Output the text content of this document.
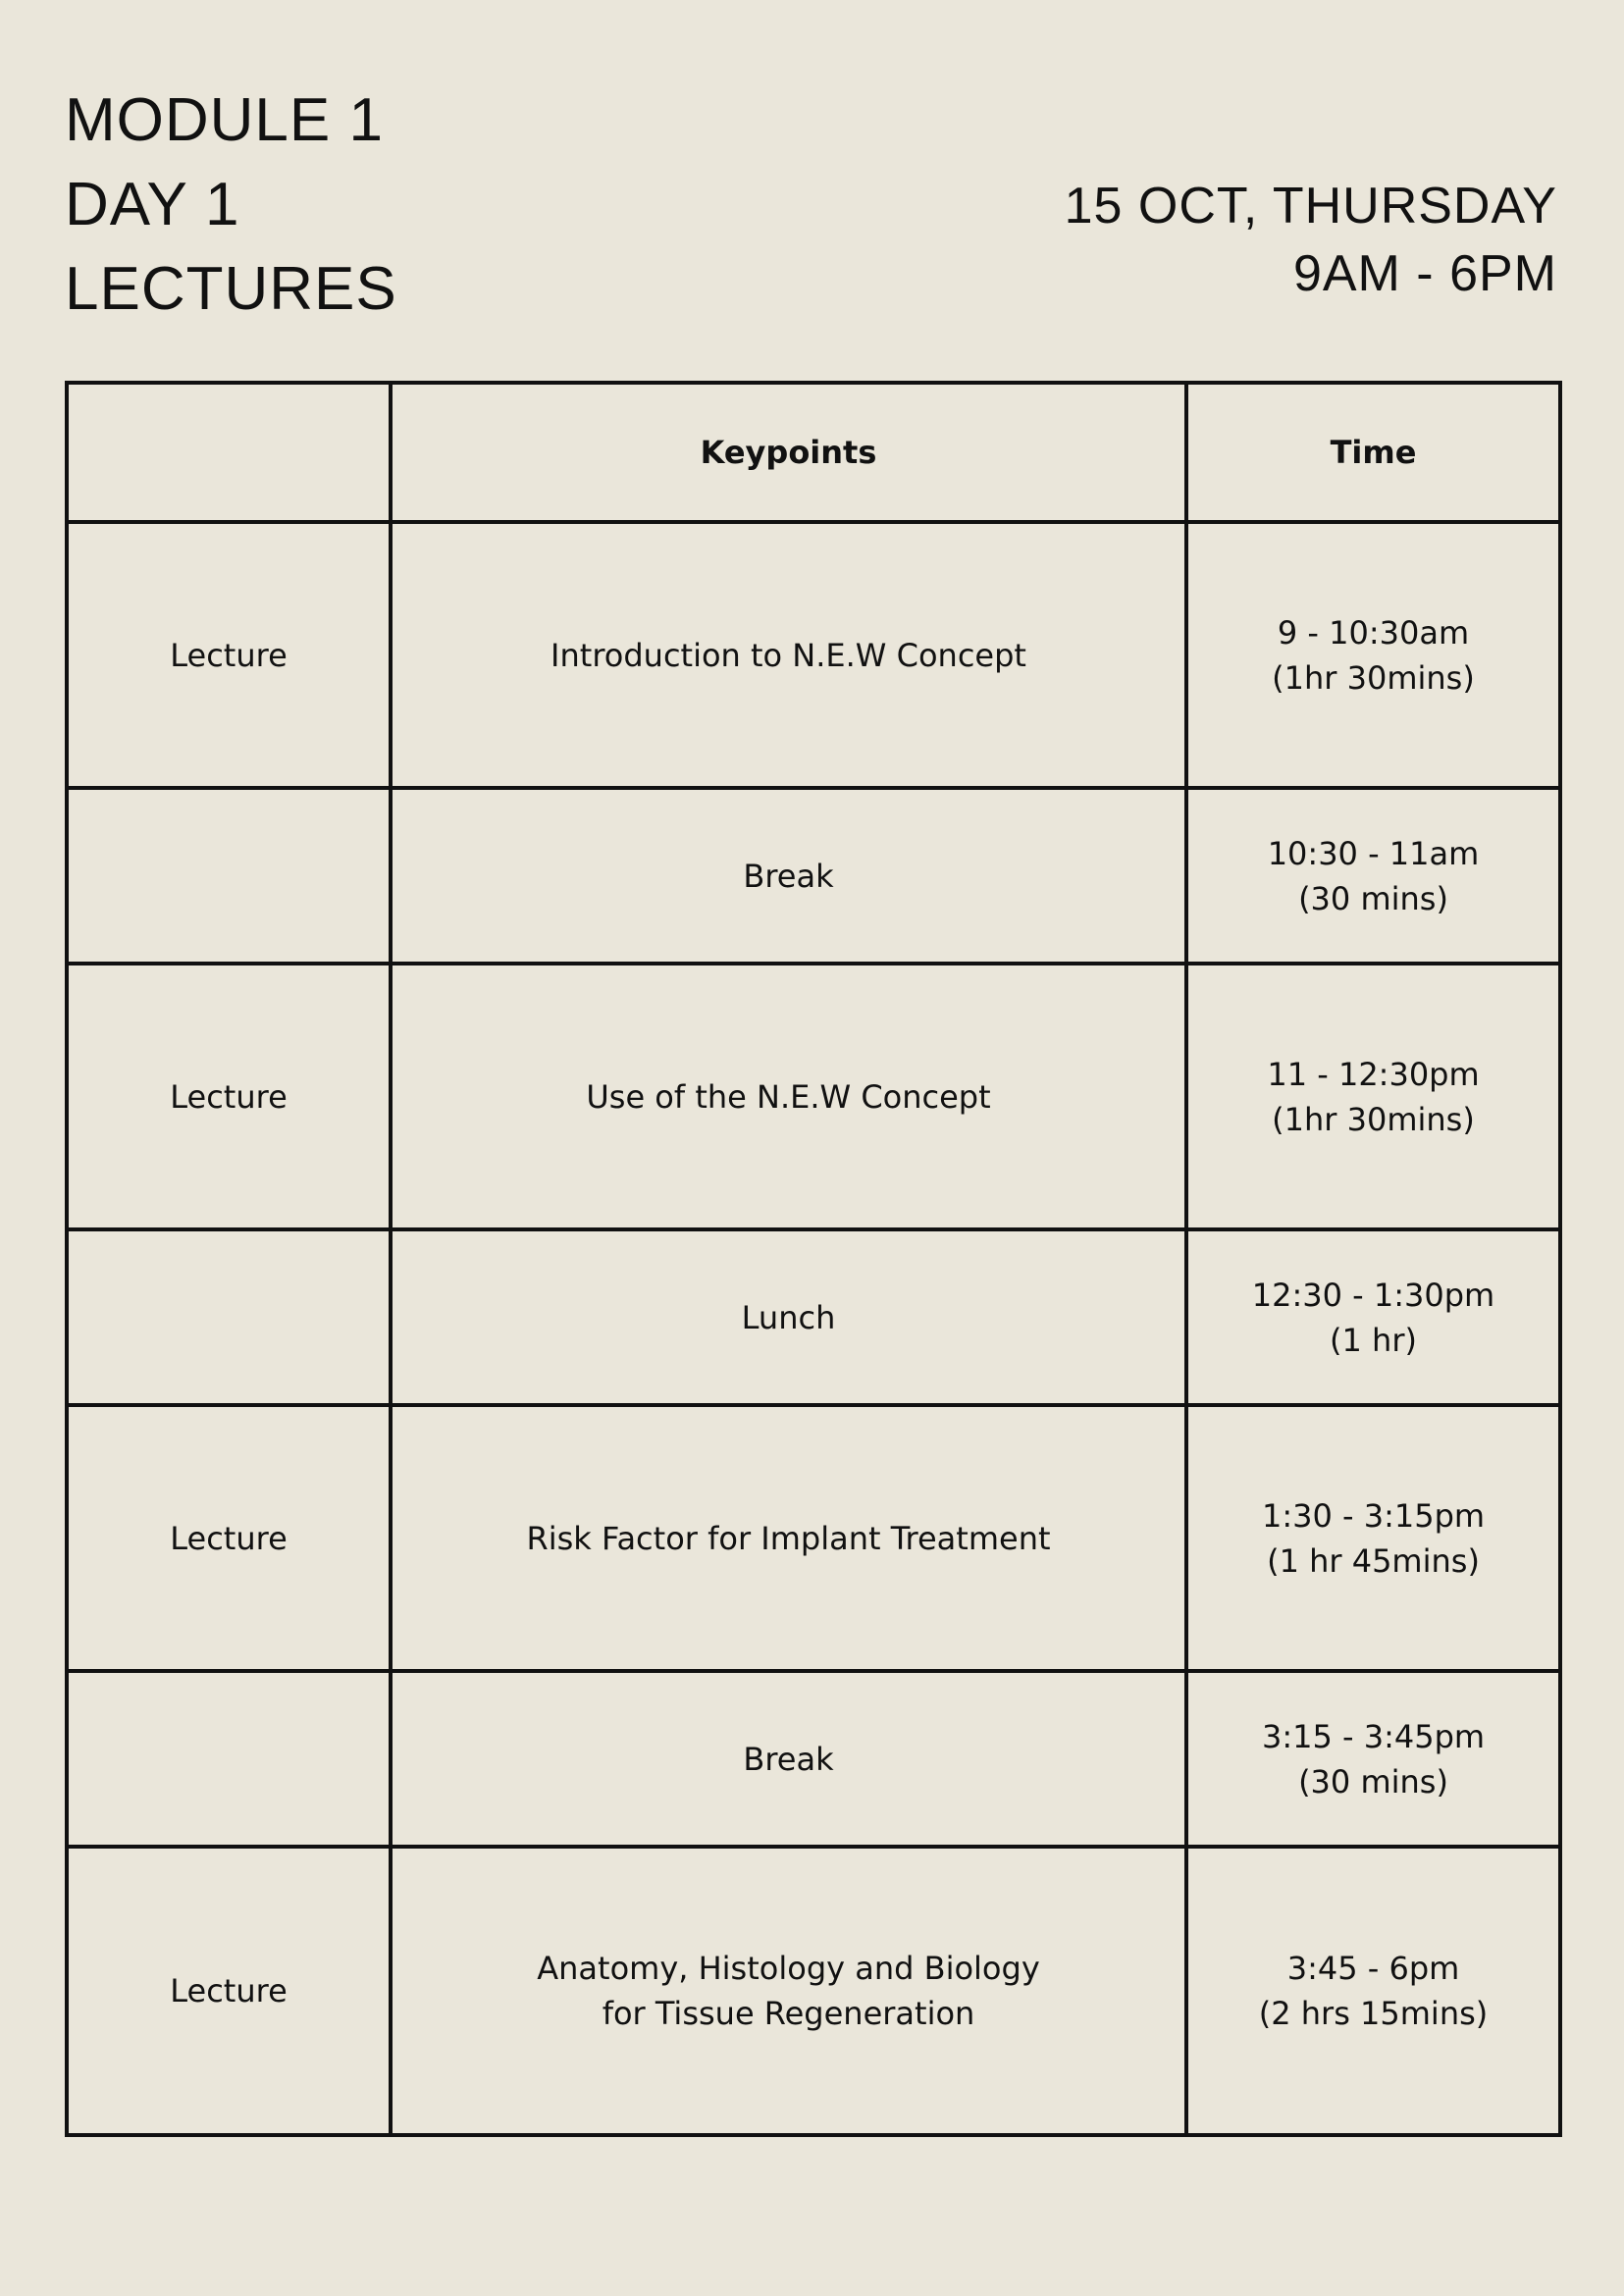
MODULE 1
DAY 1
LECTURES
15 OCT, THURSDAY
9AM - 6PM
	Keypoints	Time
Lecture	Introduction to N.E.W Concept	9 - 10:30am
(1hr 30mins)

	Break	10:30 - 11am
(30 mins)

Lecture	Use of the N.E.W Concept	11 - 12:30pm
(1hr 30mins)

	Lunch	12:30 - 1:30pm
(1 hr)

Lecture	Risk Factor for Implant Treatment	1:30 - 3:15pm
(1 hr 45mins)

	Break	3:15 - 3:45pm
(30 mins)

Lecture	Anatomy, Histology and Biology
for Tissue Regeneration	3:45 - 6pm
(2 hrs 15mins)
